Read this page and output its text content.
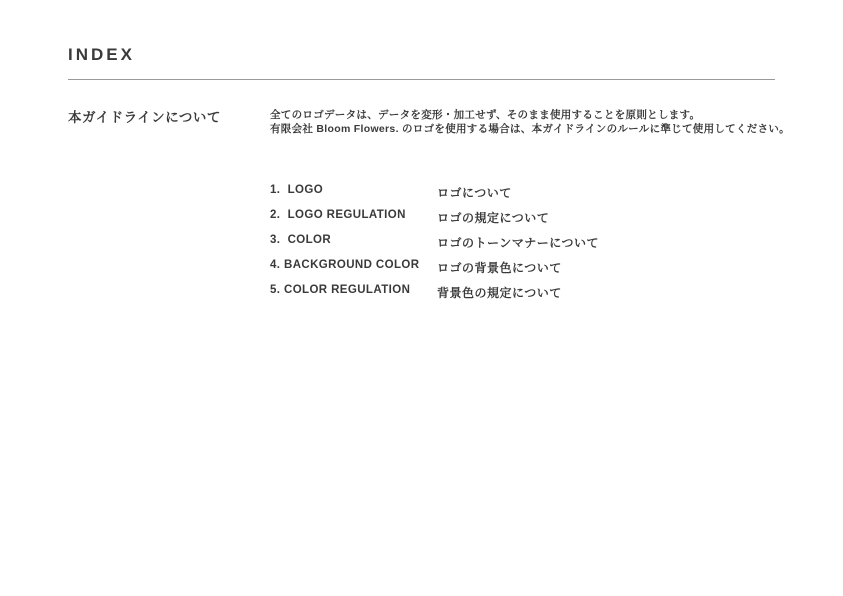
INDEX
本ガイドラインについて	全てのロゴデータは、データを変形・加工せず、そのまま使用することを原則とします。

有限会社 Bloom Flowers. のロゴを使用する場合は、本ガイドラインのルールに準じて使用してください。

1.  LOGO	ロゴについて
2.  LOGO REGULATION	ロゴの規定について
3.  COLOR	ロゴのトーンマナーについて
4. BACKGROUND COLOR	ロゴの背景色について
5. COLOR REGULATION	背景色の規定について
